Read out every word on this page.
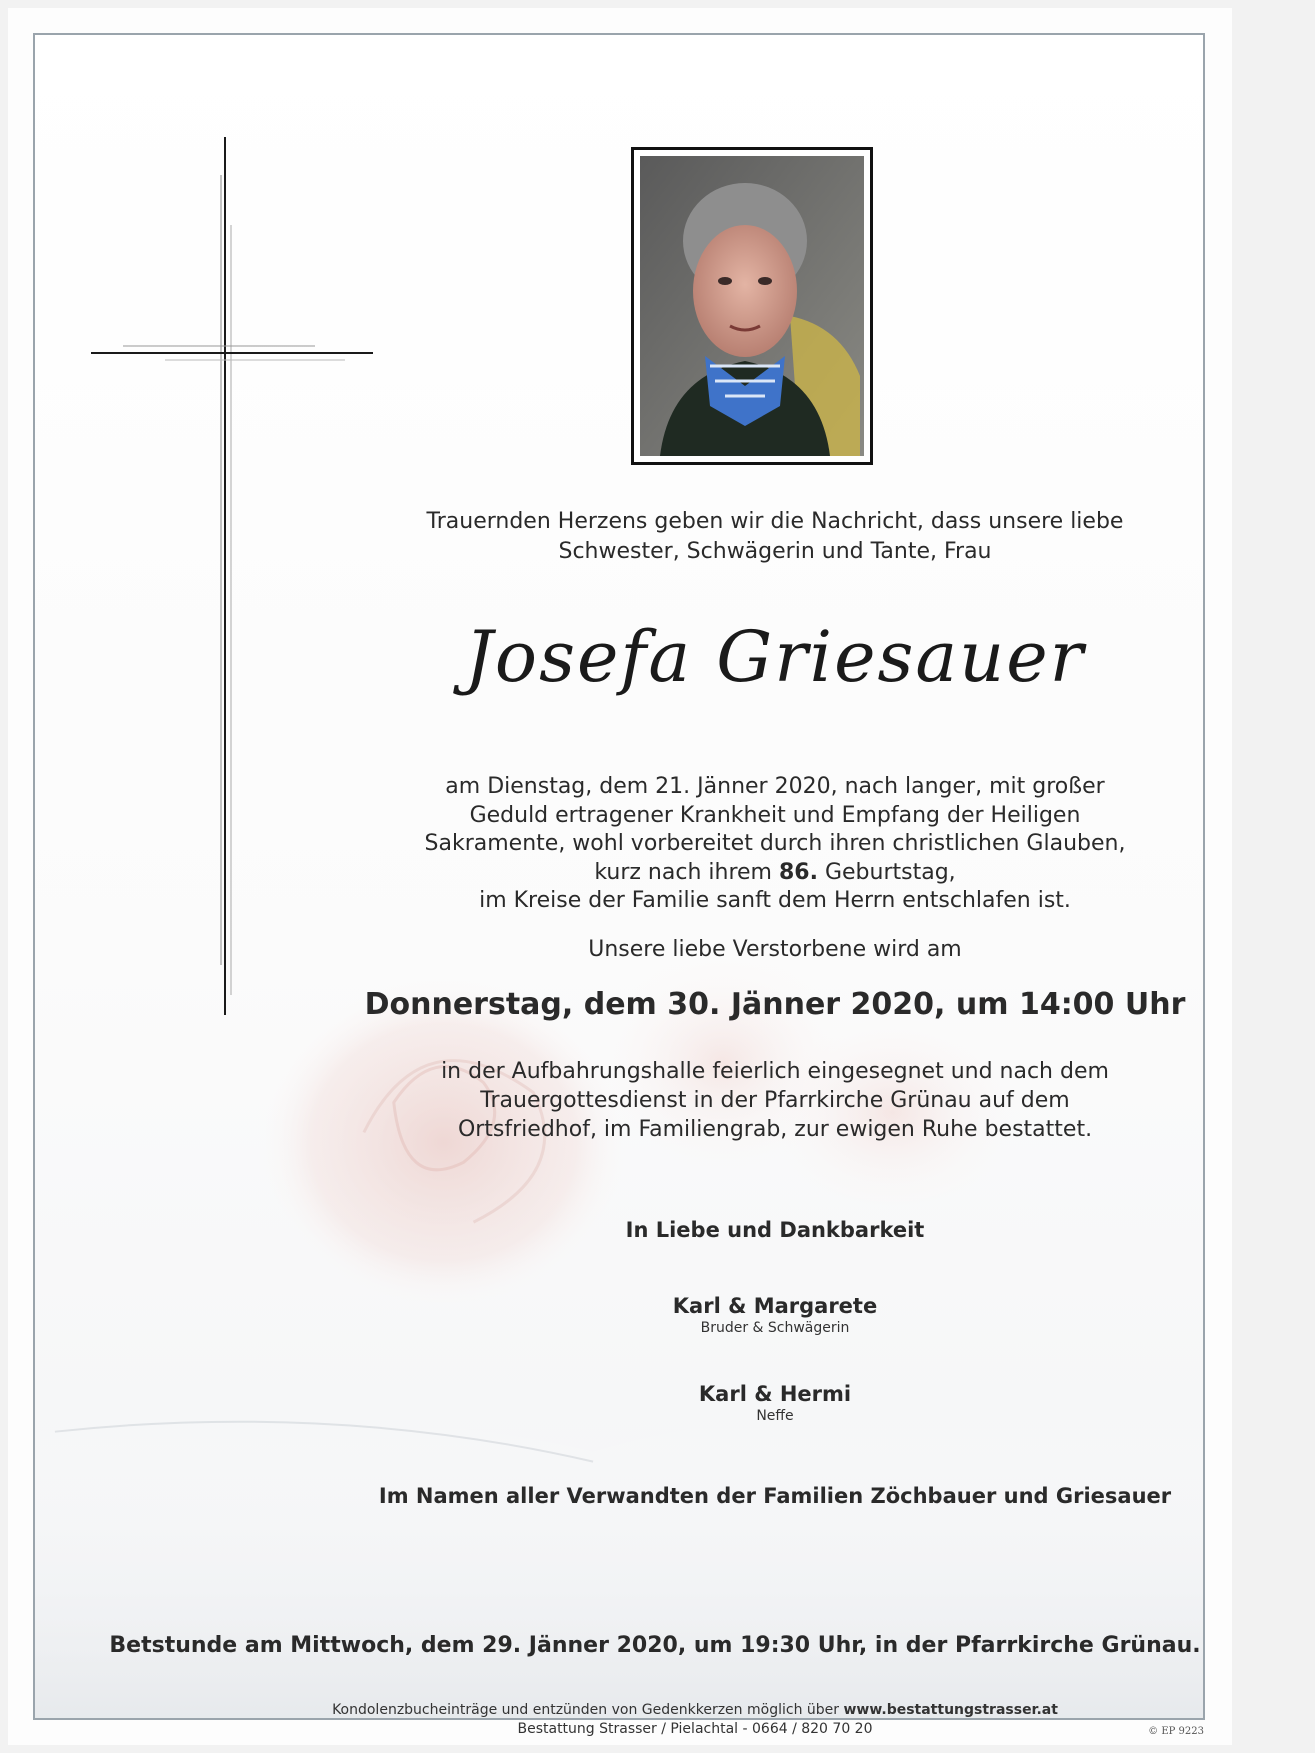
Trauernden Herzens geben wir die Nachricht, dass unsere liebe
Schwester, Schwägerin und Tante, Frau
Josefa Griesauer
am Dienstag, dem 21. Jänner 2020, nach langer, mit großer
Geduld ertragener Krankheit und Empfang der Heiligen
Sakramente, wohl vorbereitet durch ihren christlichen Glauben,
kurz nach ihrem 86. Geburtstag,
im Kreise der Familie sanft dem Herrn entschlafen ist.
Unsere liebe Verstorbene wird am
Donnerstag, dem 30. Jänner 2020, um 14:00 Uhr
in der Aufbahrungshalle feierlich eingesegnet und nach dem
Trauergottesdienst in der Pfarrkirche Grünau auf dem
Ortsfriedhof, im Familiengrab, zur ewigen Ruhe bestattet.
In Liebe und Dankbarkeit
Karl & Margarete
Bruder & Schwägerin
Karl & Hermi
Neffe
Im Namen aller Verwandten der Familien Zöchbauer und Griesauer
Betstunde am Mittwoch, dem 29. Jänner 2020, um 19:30 Uhr, in der Pfarrkirche Grünau.
Kondolenzbucheinträge und entzünden von Gedenkkerzen möglich über www.bestattungstrasser.at
Bestattung Strasser / Pielachtal - 0664 / 820 70 20	© EP 9223
